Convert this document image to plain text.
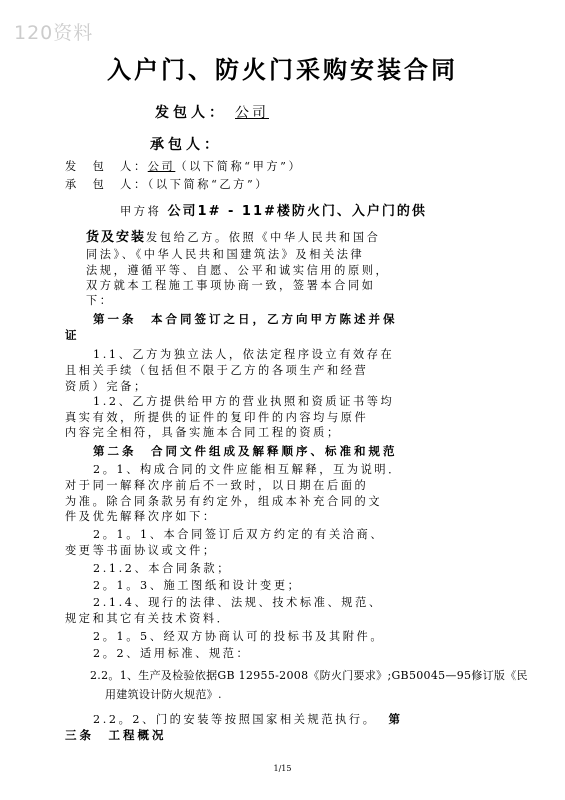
120资料
入户门、防火门采购安装合同
发包人： 公司
承包人：
发　包　人：公司（以下简称“甲方”）
承　包　人：（以下简称“乙方”）
甲方将 公司1# - 11#楼防火门、入户门的供
货及安装发包给乙方。依照《中华人民共和国合
同法》、《中华人民共和国建筑法》及相关法律
法规，遵循平等、自愿、公平和诚实信用的原则，
双方就本工程施工事项协商一致，签署本合同如
下：
第一条　本合同签订之日，乙方向甲方陈述并保
证
1.1、乙方为独立法人，依法定程序设立有效存在
且相关手续（包括但不限于乙方的各项生产和经营
资质）完备；
1.2、乙方提供给甲方的营业执照和资质证书等均
真实有效，所提供的证件的复印件的内容均与原件
内容完全相符，具备实施本合同工程的资质；
第二条　合同文件组成及解释顺序、标准和规范
2。1、构成合同的文件应能相互解释，互为说明．
对于同一解释次序前后不一致时，以日期在后面的
为准。除合同条款另有约定外，组成本补充合同的文
件及优先解释次序如下：
2。1。1、本合同签订后双方约定的有关洽商、
变更等书面协议或文件；
2.1.2、本合同条款；
2。1。3、施工图纸和设计变更；
2.1.4、现行的法律、法规、技术标准、规范、
规定和其它有关技术资料．
2。1。5、经双方协商认可的投标书及其附件。
2。2、适用标准、规范：
2.2。1、生产及检验依据GB 12955-2008《防火门要求》;GB50045—95修订版《民
用建筑设计防火规范》.
2.2。2、门的安装等按照国家相关规范执行。 第
三条　工程概况
1/15
